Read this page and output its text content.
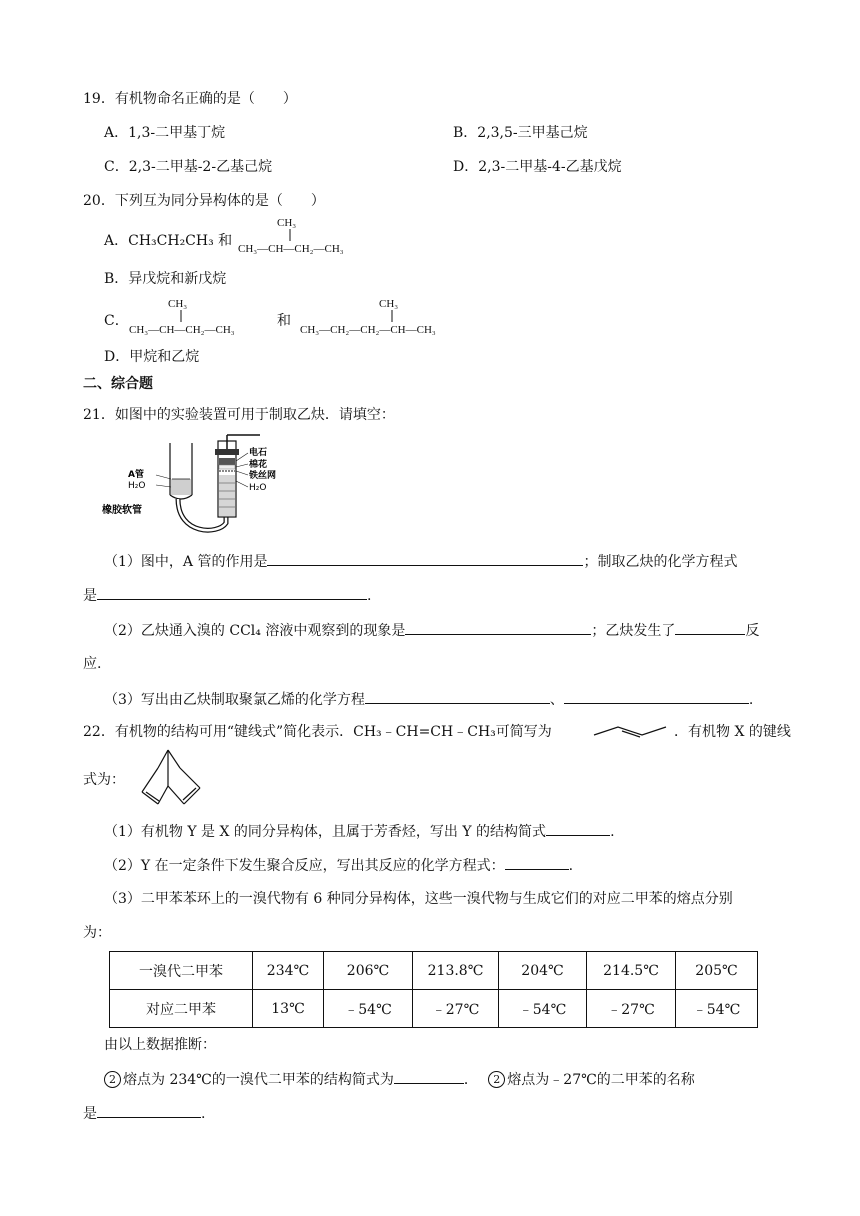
19．有机物命名正确的是（　　）
A．1,3-二甲基丁烷	B．2,3,5-三甲基己烷
C．2,3-二甲基-2-乙基己烷	D．2,3-二甲基-4-乙基戊烷
20．下列互为同分异构体的是（　　）
A．CH₃CH₂CH₃ 和
CH₃
CH₃—CH—CH₂—CH₃
B．异戊烷和新戊烷
C．
CH₃
CH₃—CH—CH₂—CH₃
和
CH₃
CH₃—CH₂—CH₂—CH—CH₃
D．甲烷和乙烷
二、综合题
21．如图中的实验装置可用于制取乙炔．请填空：
电石
棉花
铁丝网
H₂O
A管
H₂O
橡胶软管
（1）图中，A 管的作用是	；制取乙炔的化学方程式
是	.
（2）乙炔通入溴的 CCl₄ 溶液中观察到的现象是	；乙炔发生了	反
应.
（3）写出由乙炔制取聚氯乙烯的化学方程	、	.
22．有机物的结构可用“键线式”简化表示．CH₃﹣CH=CH﹣CH₃可简写为	．有机物 X 的键线
式为：
（1）有机物 Y 是 X 的同分异构体，且属于芳香烃，写出 Y 的结构简式	.
（2）Y 在一定条件下发生聚合反应，写出其反应的化学方程式：	.
（3）二甲苯苯环上的一溴代物有 6 种同分异构体，这些一溴代物与生成它们的对应二甲苯的熔点分别
为：
一溴代二甲苯	234℃	206℃	213.8℃	204℃	214.5℃	205℃
对应二甲苯	13℃	﹣54℃	﹣27℃	﹣54℃	﹣27℃	﹣54℃
由以上数据推断：
2 熔点为 234℃的一溴代二甲苯的结构简式为	． 2 熔点为﹣27℃的二甲苯的名称
是	.
